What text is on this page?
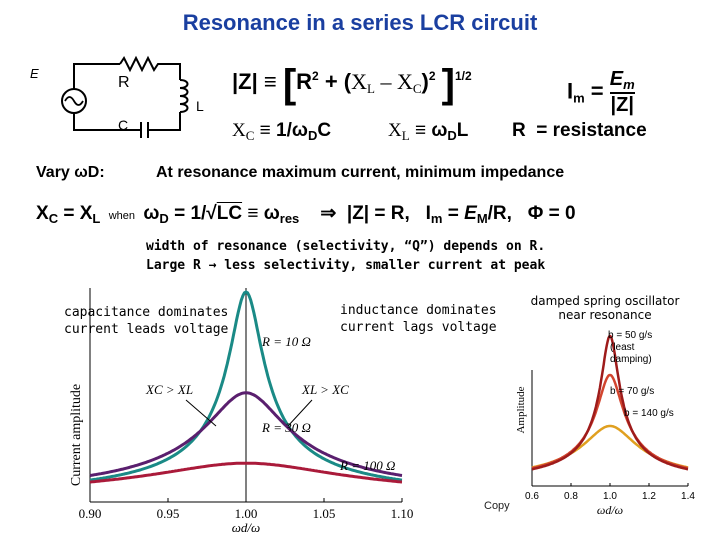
Resonance in a series LCR circuit
E
R
L
C
$|Z| \equiv [R^2 + (X_L - X_C)^2$ ]$^{1/2}$
$I_m = \frac{E_m}{|Z|}$
$X_C \equiv 1/\omega_DC$	$X_L \equiv \omega_DL$ R  = resistance
Vary ωD:	At resonance maximum current, minimum impedance
$X_C = X_L$  when  $\omega_D = 1/√LC \equiv \omega_{res}$    ⇒  |Z| = R,   $I_m = E_M/R$,   Φ = 0
width of resonance (selectivity, “Q”) depends on R.
Large R → less selectivity, smaller current at peak
0.90	0.95	1.00	1.05	1.10
ωd/ω
Current amplitude
R = 10 Ω
R = 30 Ω
R = 100 Ω
XC > XL	XL > XC
capacitance dominates
current leads voltage
inductance dominates
current lags voltage
damped spring oscillator
near resonance
0.6	0.8	1.0	1.2	1.4
ωd/ω
Amplitude
b = 50 g/s
(least
damping)
b = 70 g/s
b = 140 g/s
Copy
